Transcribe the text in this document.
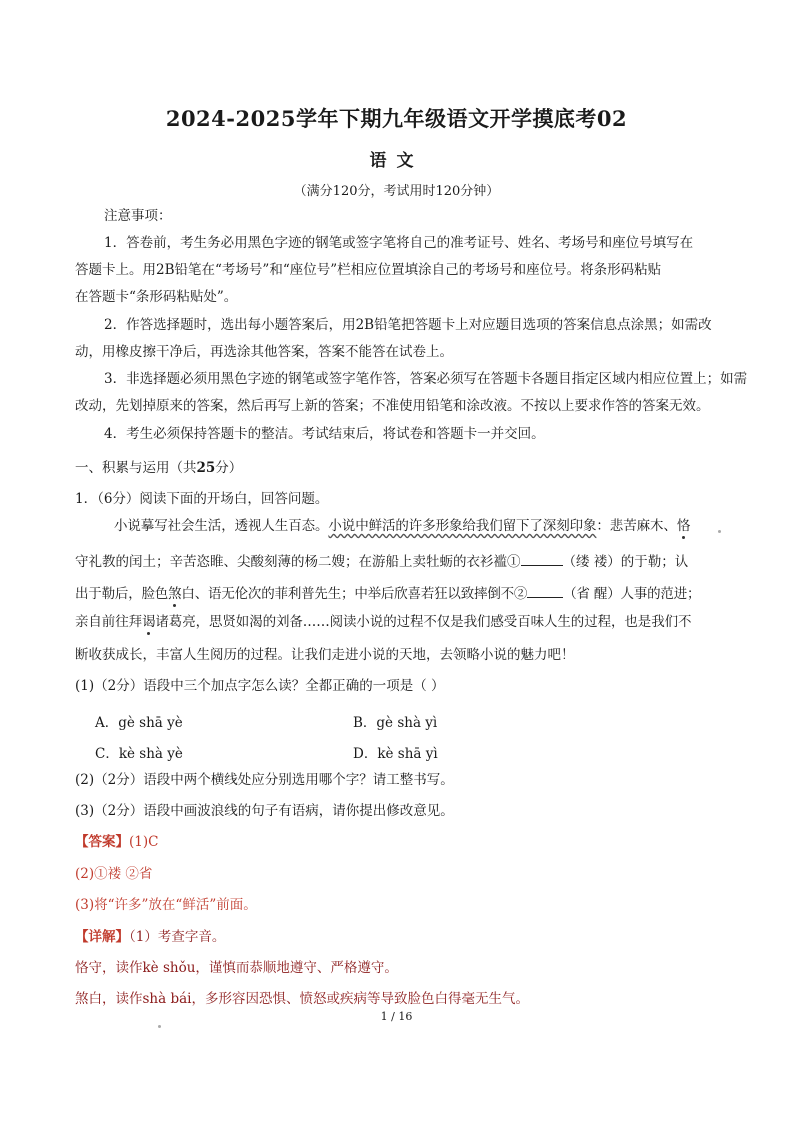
2024-2025学年下期九年级语文开学摸底考02
语文
（满分120分，考试用时120分钟）
注意事项：
1．答卷前，考生务必用黑色字迹的钢笔或签字笔将自己的准考证号、姓名、考场号和座位号填写在
答题卡上。用2B铅笔在“考场号”和“座位号”栏相应位置填涂自己的考场号和座位号。将条形码粘贴
在答题卡“条形码粘贴处”。
2．作答选择题时，选出每小题答案后，用2B铅笔把答题卡上对应题目选项的答案信息点涂黑；如需改
动，用橡皮擦干净后，再选涂其他答案，答案不能答在试卷上。
3．非选择题必须用黑色字迹的钢笔或签字笔作答，答案必须写在答题卡各题目指定区域内相应位置上；如需
改动，先划掉原来的答案，然后再写上新的答案；不准使用铅笔和涂改液。不按以上要求作答的答案无效。
4．考生必须保持答题卡的整洁。考试结束后，将试卷和答题卡一并交回。
一、积累与运用（共25分）
1．（6分）阅读下面的开场白，回答问题。
小说摹写社会生活，透视人生百态。小说中鲜活的许多形象给我们留下了深刻印象：悲苦麻木、恪
守礼教的闰土；辛苦恣睢、尖酸刻薄的杨二嫂；在游船上卖牡蛎的衣衫褴①	（缕 褛）的于勒；认
出于勒后，脸色煞白、语无伦次的菲利普先生；中举后欣喜若狂以致摔倒不②	（省 醒）人事的范进；
亲自前往拜谒诸葛亮，思贤如渴的刘备……阅读小说的过程不仅是我们感受百味人生的过程，也是我们不
断收获成长，丰富人生阅历的过程。让我们走进小说的天地，去领略小说的魅力吧！
(1)（2分）语段中三个加点字怎么读？全都正确的一项是（ ）
A．gè shā yè	B．gè shà yì
C．kè shà yè	D．kè shā yì
(2)（2分）语段中两个横线处应分别选用哪个字？请工整书写。
(3)（2分）语段中画波浪线的句子有语病，请你提出修改意见。
【答案】(1)C
(2)①褛 ②省
(3)将“许多”放在“鲜活”前面。
【详解】（1）考查字音。
恪守，读作kè shǒu，谨慎而恭顺地遵守、严格遵守。
煞白，读作shà bái，多形容因恐惧、愤怒或疾病等导致脸色白得毫无生气。
1 / 16
